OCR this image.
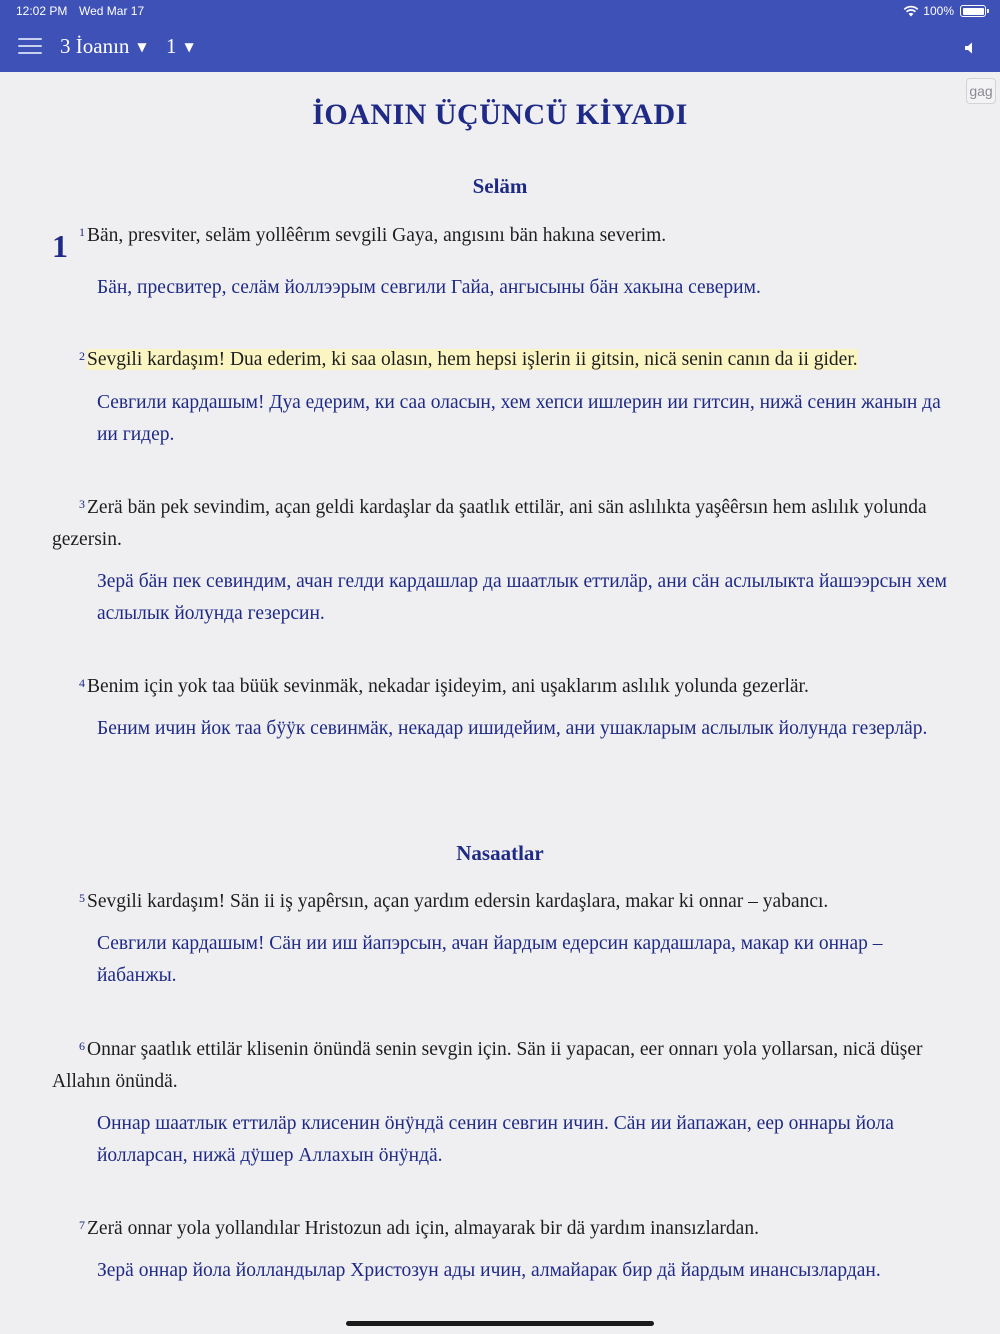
12:02 PM Wed Mar 17	100%
3 İoanın ▼ 1 ▼
gag
İOANIN ÜÇÜNCÜ KİYADI
Seläm
1 $^1$ Bän, presviter, seläm yollêêrım sevgili Gaya, angısını bän hakına severim.
Бäн, пресвитер, селäм йоллээрым севгили Гайа, ангысыны бäн хакына северим.
$^2$ Sevgili kardaşım! Dua ederim, ki saa olasın, hem hepsi işlerin ii gitsin, nicä senin canın da ii gider.
Севгили кардашым! Дуа едерим, ки саа оласын, хем хепси ишлерин ии гитсин, нижä сенин жанын да ии гидер.
$^3$ Zerä bän pek sevindim, açan geldi kardaşlar da şaatlık ettilär, ani sän aslılıkta yaşêêrsın hem aslılık yolunda gezersin.
Зерä бäн пек севиндим, ачан гелди кардашлар да шаатлык еттилäр, ани сäн аслылыкта йашээрсын хем аслылык йолунда гезерсин.
$^4$ Benim için yok taa büük sevinmäk, nekadar işideyim, ani uşaklarım aslılık yolunda gezerlär.
Беним ичин йок таа бӱӱк севинмäк, некадар ишидейим, ани ушакларым аслылык йолунда гезерлäр.
Nasaatlar
$^5$ Sevgili kardaşım! Sän ii iş yapêrsın, açan yardım edersin kardaşlara, makar ki onnar – yabancı.
Севгили кардашым! Сäн ии иш йапэрсын, ачан йардым едерсин кардашлара, макар ки оннар – йабанжы.
$^6$ Onnar şaatlık ettilär klisenin önündä senin sevgin için. Sän ii yapacan, eer onnarı yola yollarsan, nicä düşer Allahın önündä.
Оннар шаатлык еттилäр клисенин öнӱндä сенин севгин ичин. Сäн ии йапажан, еер оннары йола йолларсан, нижä дӱшер Аллахын öнӱндä.
$^7$ Zerä onnar yola yollandılar Hristozun adı için, almayarak bir dä yardım inansızlardan.
Зерä оннар йола йолландылар Христозун ады ичин, алмайарак бир дä йардым инансызлардан.
